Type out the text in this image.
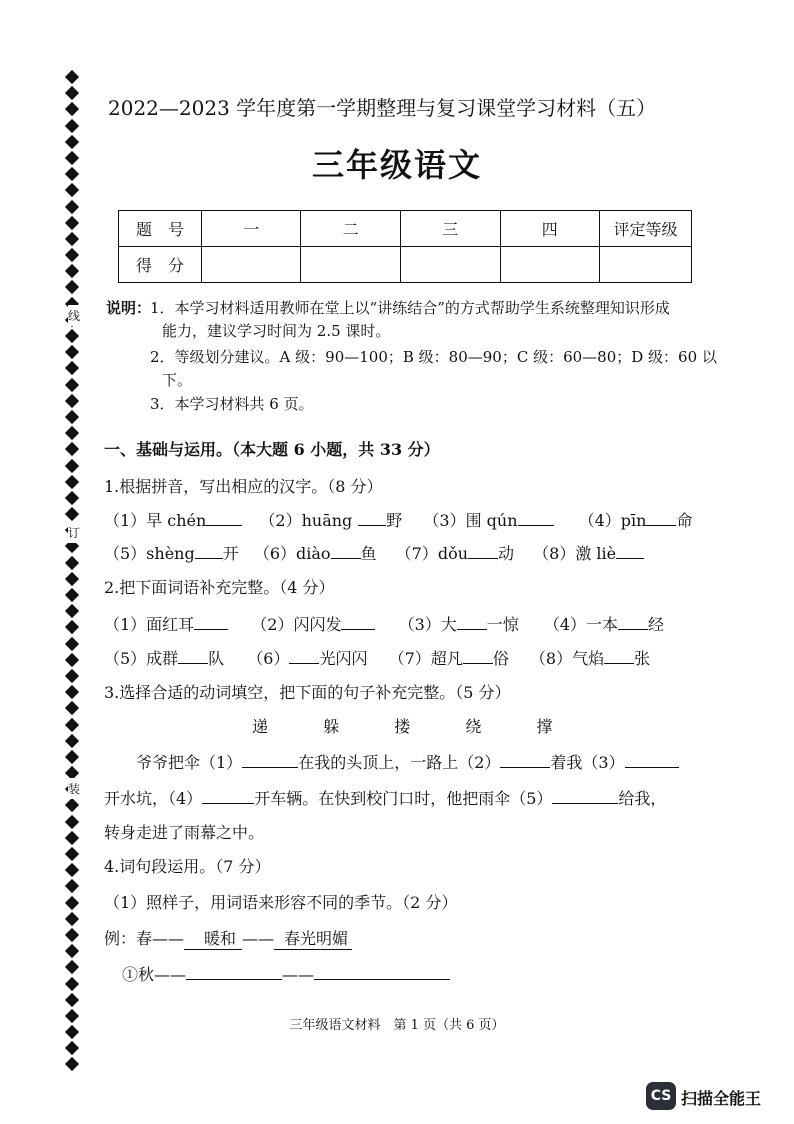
线
订
装
2022—2023 学年度第一学期整理与复习课堂学习材料（五）
三年级语文
题　号	一	二	三	四	评定等级
得　分					
说明：
1．本学习材料适用教师在堂上以“讲练结合”的方式帮助学生系统整理知识形成
能力，建议学习时间为 2.5 课时。
2．等级划分建议。A 级：90—100；B 级：80—90；C 级：60—80；D 级：60 以
下。
3．本学习材料共 6 页。
一、基础与运用。（本大题 6 小题，共 33 分）
1.根据拼音，写出相应的汉字。（8 分）
（1）早 chén	（2）huāng 野 （3）围 qún	（4）pīn 命
（5）shèng 开 （6）diào 鱼 （7）dǒu 动 （8）激 liè
2.把下面词语补充完整。（4 分）
（1）面红耳	（2）闪闪发	（3）大 一惊 （4）一本 经
（5）成群 队 （6） 光闪闪 （7）超凡 俗 （8）气焰 张
3.选择合适的动词填空，把下面的句子补充完整。（5 分）
递	躲	搂	绕	撑
爷爷把伞（1）	在我的头顶上，一路上（2）	着我（3）
开水坑，（4）	开车辆。在快到校门口时，他把雨伞（5）	给我，
转身走进了雨幕之中。
4.词句段运用。（7 分）
（1）照样子，用词语来形容不同的季节。（2 分）
例：春—— 暖和 —— 春光明媚
①秋——	——
三年级语文材料　第 1 页（共 6 页）
CS 扫描全能王
